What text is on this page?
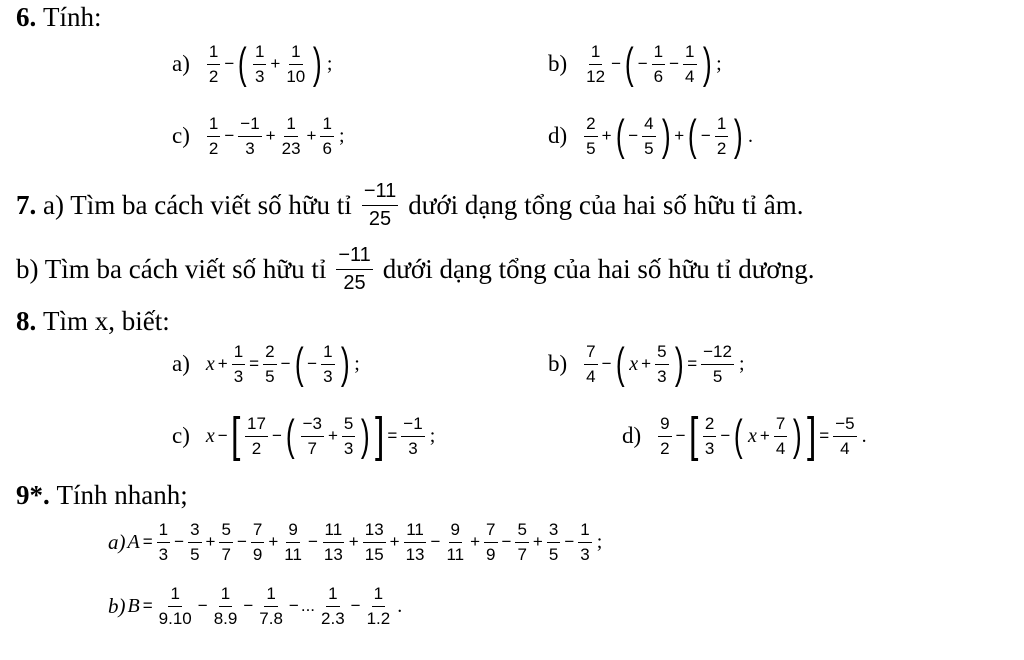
6.
Tính:
$a) \frac{1}{2}$ − ( $\frac{1}{3} + \frac{1}{10}$ ) ;	$b) \frac{1}{12}$ − ( − $\frac{1}{6} - \frac{1}{4}$ ) ;
$c) \frac{1}{2} - \frac{-1}{3} + \frac{1}{23} + \frac{1}{6}$ ;	$d) \frac{2}{5}$ + ( − $\frac{4}{5}$ ) + ( − $\frac{1}{2}$ ) .
7.
a) Tìm ba cách viết số hữu tỉ $\frac{-11}{25}$ dưới dạng tổng của hai số hữu tỉ âm.
b) Tìm ba cách viết số hữu tỉ $\frac{-11}{25}$ dưới dạng tổng của hai số hữu tỉ dương.
8.
Tìm x, biết:
a) $x + \frac{1}{3} = \frac{2}{5}$ − ( − $\frac{1}{3}$ ) ;	$b) \frac{7}{4}$ − ( $x + \frac{5}{3}$ ) = $\frac{-12}{5}$ ;
c) x − [ $\frac{17}{2}$ − ( $\frac{-3}{7} + \frac{5}{3}$ ) ] = $\frac{-1}{3}$ ;	$d) \frac{9}{2}$ − [ $\frac{2}{3}$ − ( $x + \frac{7}{4}$ ) ] = $\frac{-5}{4}$ .
9*.
Tính nhanh;
a) $A = \frac{1}{3} - \frac{3}{5} + \frac{5}{7} - \frac{7}{9} + \frac{9}{11} - \frac{11}{13} + \frac{13}{15} + \frac{11}{13} - \frac{9}{11} + \frac{7}{9} - \frac{5}{7} + \frac{3}{5} - \frac{1}{3}$ ;
b) $B = \frac{1}{9.10} - \frac{1}{8.9} - \frac{1}{7.8}$ − ... $\frac{1}{2.3} - \frac{1}{1.2}$ .
